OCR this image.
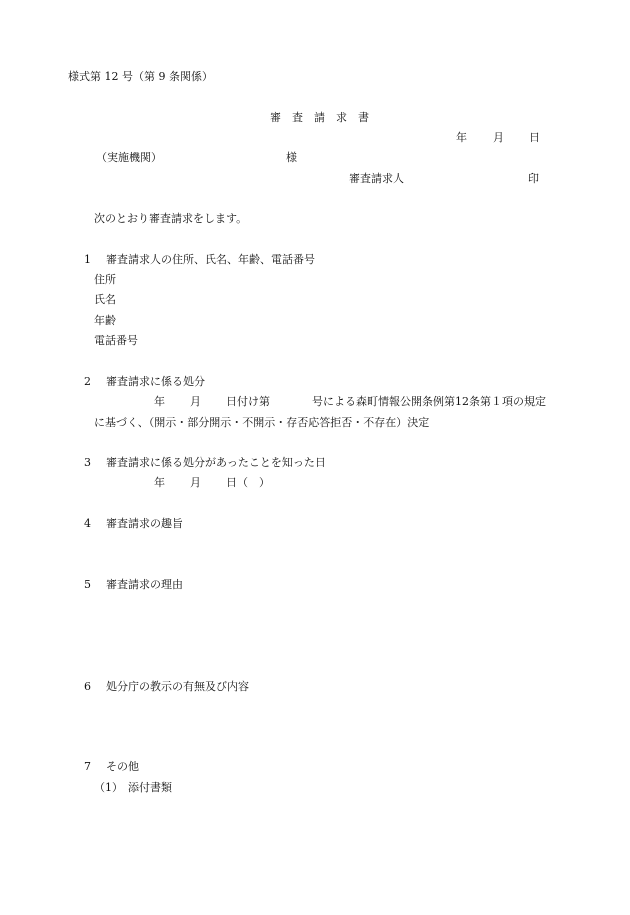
様式第 12 号（第 9 条関係）
審　査　請　求　書
年 月 日
（実施機関）	様
審査請求人	印
次のとおり審査請求をします。
1 審査請求人の住所、氏名、年齢、電話番号
住所
氏名
年齢
電話番号
2 審査請求に係る処分
年 月 日付け第	号による森町情報公開条例第12条第１項の規定
に基づく、（開示・部分開示・不開示・存否応答拒否・不存在）決定
3 審査請求に係る処分があったことを知った日
年 月 日（　）
4 審査請求の趣旨
5 審査請求の理由
6 処分庁の教示の有無及び内容
7 その他
（1） 添付書類
